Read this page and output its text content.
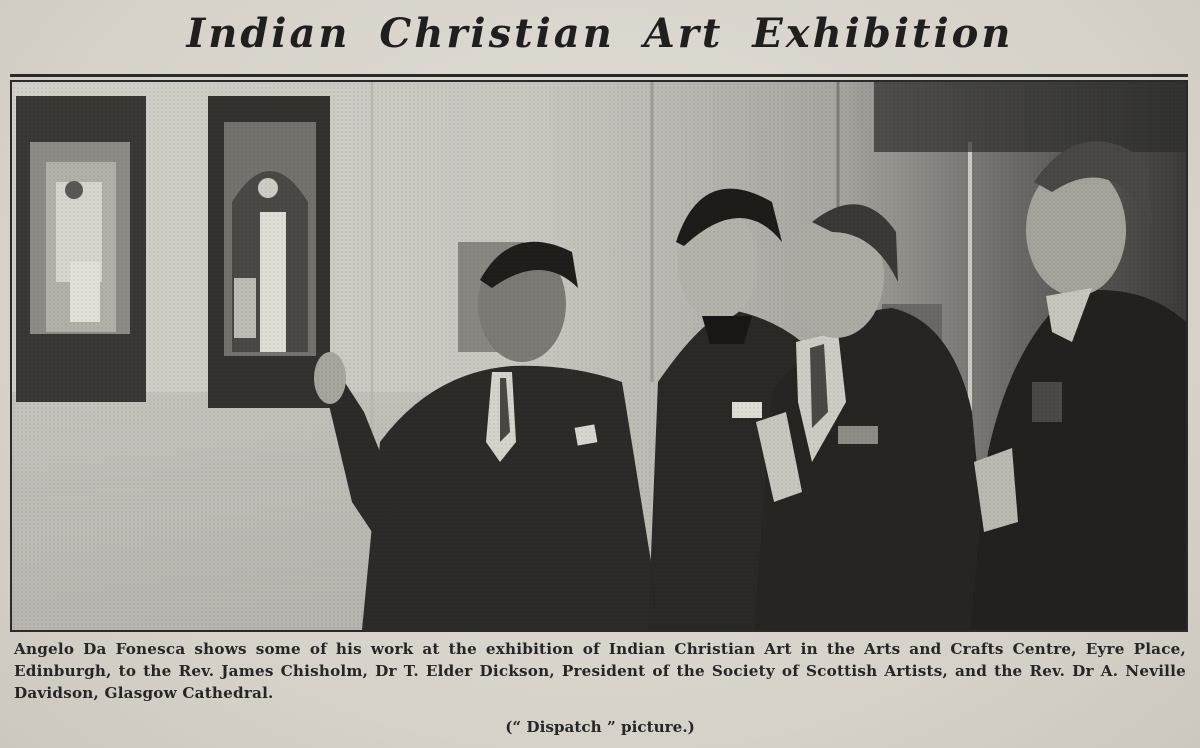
Indian Christian Art Exhibition
Angelo Da Fonesca shows some of his work at the exhibition of Indian Christian Art in the Arts and Crafts Centre, Eyre Place, Edinburgh, to the Rev. James Chisholm, Dr T. Elder Dickson, President of the Society of Scottish Artists, and the Rev. Dr A. Neville Davidson, Glasgow Cathedral.
(“ Dispatch ” picture.)
